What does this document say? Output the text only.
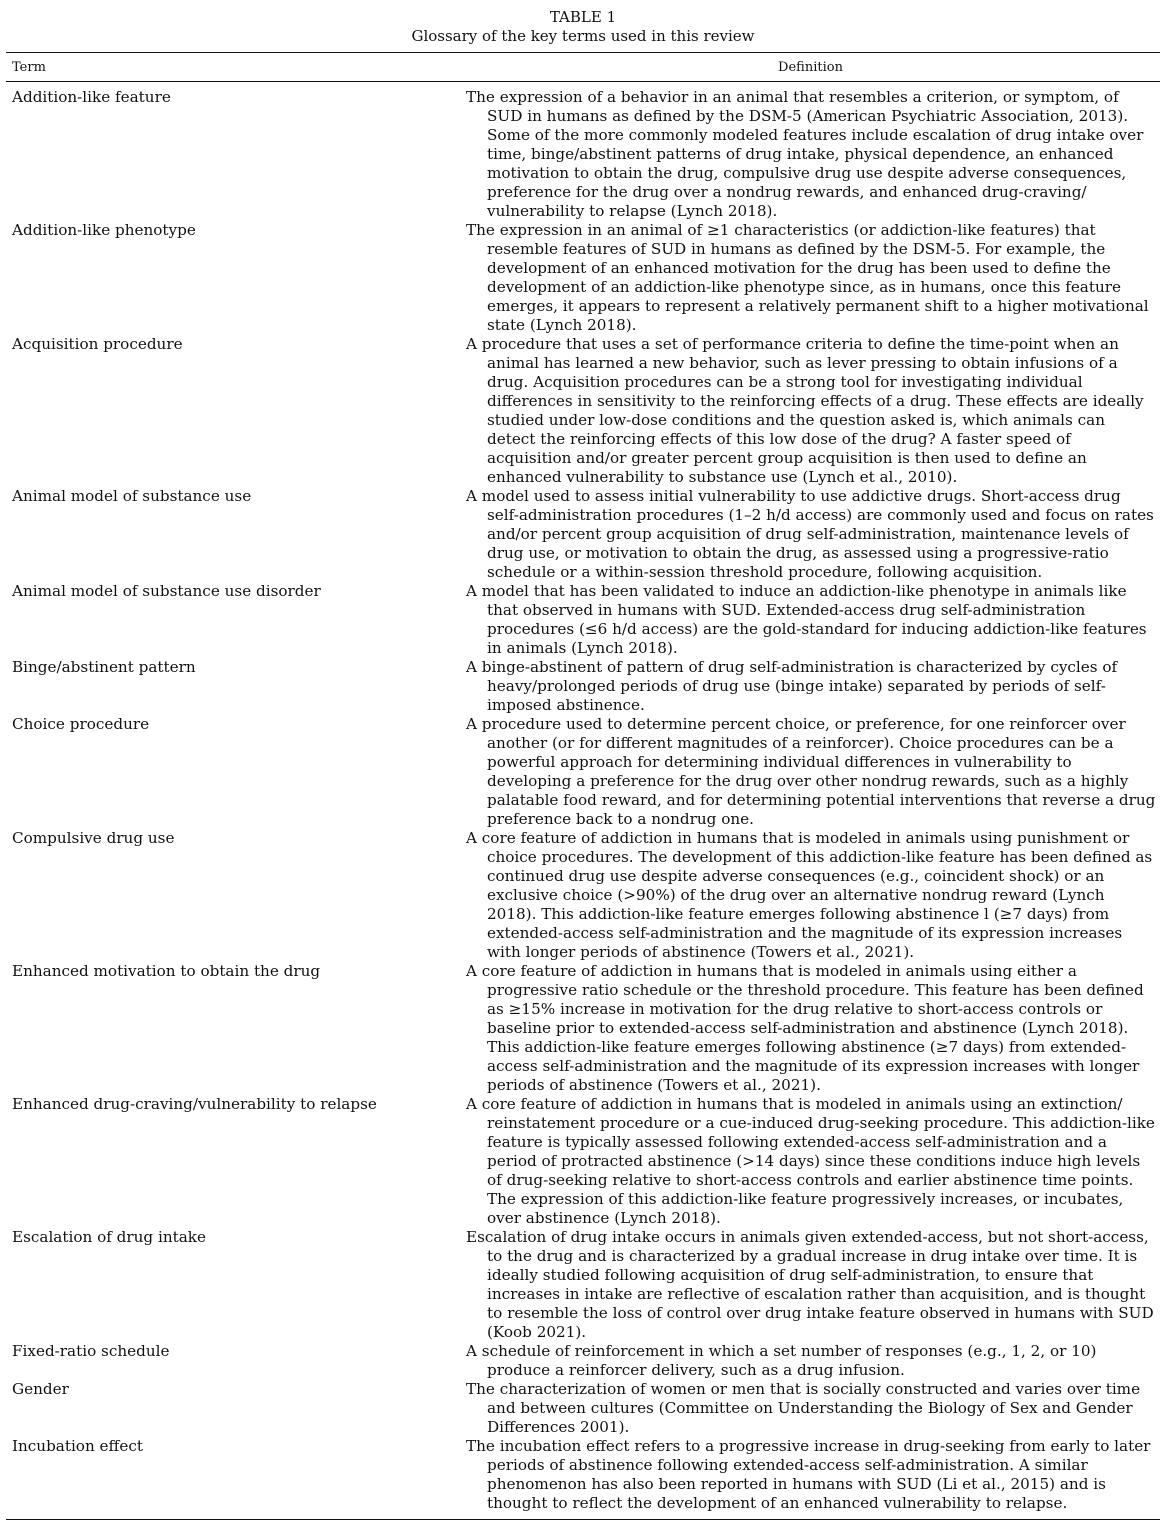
TABLE 1
Glossary of the key terms used in this review
Term	Definition
Addition-like feature	The expression of a behavior in an animal that resembles a criterion, or symptom, of SUD in humans as defined by the DSM-5 (American Psychiatric Association, 2013). Some of the more commonly modeled features include escalation of drug intake over time, binge/abstinent patterns of drug intake, physical dependence, an enhanced motivation to obtain the drug, compulsive drug use despite adverse consequences, preference for the drug over a nondrug rewards, and enhanced drug-craving/ vulnerability to relapse (Lynch 2018).
Addition-like phenotype	The expression in an animal of ≥1 characteristics (or addiction-like features) that resemble features of SUD in humans as defined by the DSM-5. For example, the development of an enhanced motivation for the drug has been used to define the development of an addiction-like phenotype since, as in humans, once this feature emerges, it appears to represent a relatively permanent shift to a higher motivational state (Lynch 2018).
Acquisition procedure	A procedure that uses a set of performance criteria to define the time-point when an animal has learned a new behavior, such as lever pressing to obtain infusions of a drug. Acquisition procedures can be a strong tool for investigating individual differences in sensitivity to the reinforcing effects of a drug. These effects are ideally studied under low-dose conditions and the question asked is, which animals can detect the reinforcing effects of this low dose of the drug? A faster speed of acquisition and/or greater percent group acquisition is then used to define an enhanced vulnerability to substance use (Lynch et al., 2010).
Animal model of substance use	A model used to assess initial vulnerability to use addictive drugs. Short-access drug self-administration procedures (1–2 h/d access) are commonly used and focus on rates and/or percent group acquisition of drug self-administration, maintenance levels of drug use, or motivation to obtain the drug, as assessed using a progressive-ratio schedule or a within-session threshold procedure, following acquisition.
Animal model of substance use disorder	A model that has been validated to induce an addiction-like phenotype in animals like that observed in humans with SUD. Extended-access drug self-administration procedures (≤6 h/d access) are the gold-standard for inducing addiction-like features in animals (Lynch 2018).
Binge/abstinent pattern	A binge-abstinent of pattern of drug self-administration is characterized by cycles of heavy/prolonged periods of drug use (binge intake) separated by periods of self-imposed abstinence.
Choice procedure	A procedure used to determine percent choice, or preference, for one reinforcer over another (or for different magnitudes of a reinforcer). Choice procedures can be a powerful approach for determining individual differences in vulnerability to developing a preference for the drug over other nondrug rewards, such as a highly palatable food reward, and for determining potential interventions that reverse a drug preference back to a nondrug one.
Compulsive drug use	A core feature of addiction in humans that is modeled in animals using punishment or choice procedures. The development of this addiction-like feature has been defined as continued drug use despite adverse consequences (e.g., coincident shock) or an exclusive choice (>90%) of the drug over an alternative nondrug reward (Lynch 2018). This addiction-like feature emerges following abstinence l (≥7 days) from extended-access self-administration and the magnitude of its expression increases with longer periods of abstinence (Towers et al., 2021).
Enhanced motivation to obtain the drug	A core feature of addiction in humans that is modeled in animals using either a progressive ratio schedule or the threshold procedure. This feature has been defined as ≥15% increase in motivation for the drug relative to short-access controls or baseline prior to extended-access self-administration and abstinence (Lynch 2018). This addiction-like feature emerges following abstinence (≥7 days) from extended-access self-administration and the magnitude of its expression increases with longer periods of abstinence (Towers et al., 2021).
Enhanced drug-craving/vulnerability to relapse	A core feature of addiction in humans that is modeled in animals using an extinction/ reinstatement procedure or a cue-induced drug-seeking procedure. This addiction-like feature is typically assessed following extended-access self-administration and a period of protracted abstinence (>14 days) since these conditions induce high levels of drug-seeking relative to short-access controls and earlier abstinence time points. The expression of this addiction-like feature progressively increases, or incubates, over abstinence (Lynch 2018).
Escalation of drug intake	Escalation of drug intake occurs in animals given extended-access, but not short-access, to the drug and is characterized by a gradual increase in drug intake over time. It is ideally studied following acquisition of drug self-administration, to ensure that increases in intake are reflective of escalation rather than acquisition, and is thought to resemble the loss of control over drug intake feature observed in humans with SUD (Koob 2021).
Fixed-ratio schedule	A schedule of reinforcement in which a set number of responses (e.g., 1, 2, or 10) produce a reinforcer delivery, such as a drug infusion.
Gender	The characterization of women or men that is socially constructed and varies over time and between cultures (Committee on Understanding the Biology of Sex and Gender Differences 2001).
Incubation effect	The incubation effect refers to a progressive increase in drug-seeking from early to later periods of abstinence following extended-access self-administration. A similar phenomenon has also been reported in humans with SUD (Li et al., 2015) and is thought to reflect the development of an enhanced vulnerability to relapse.
